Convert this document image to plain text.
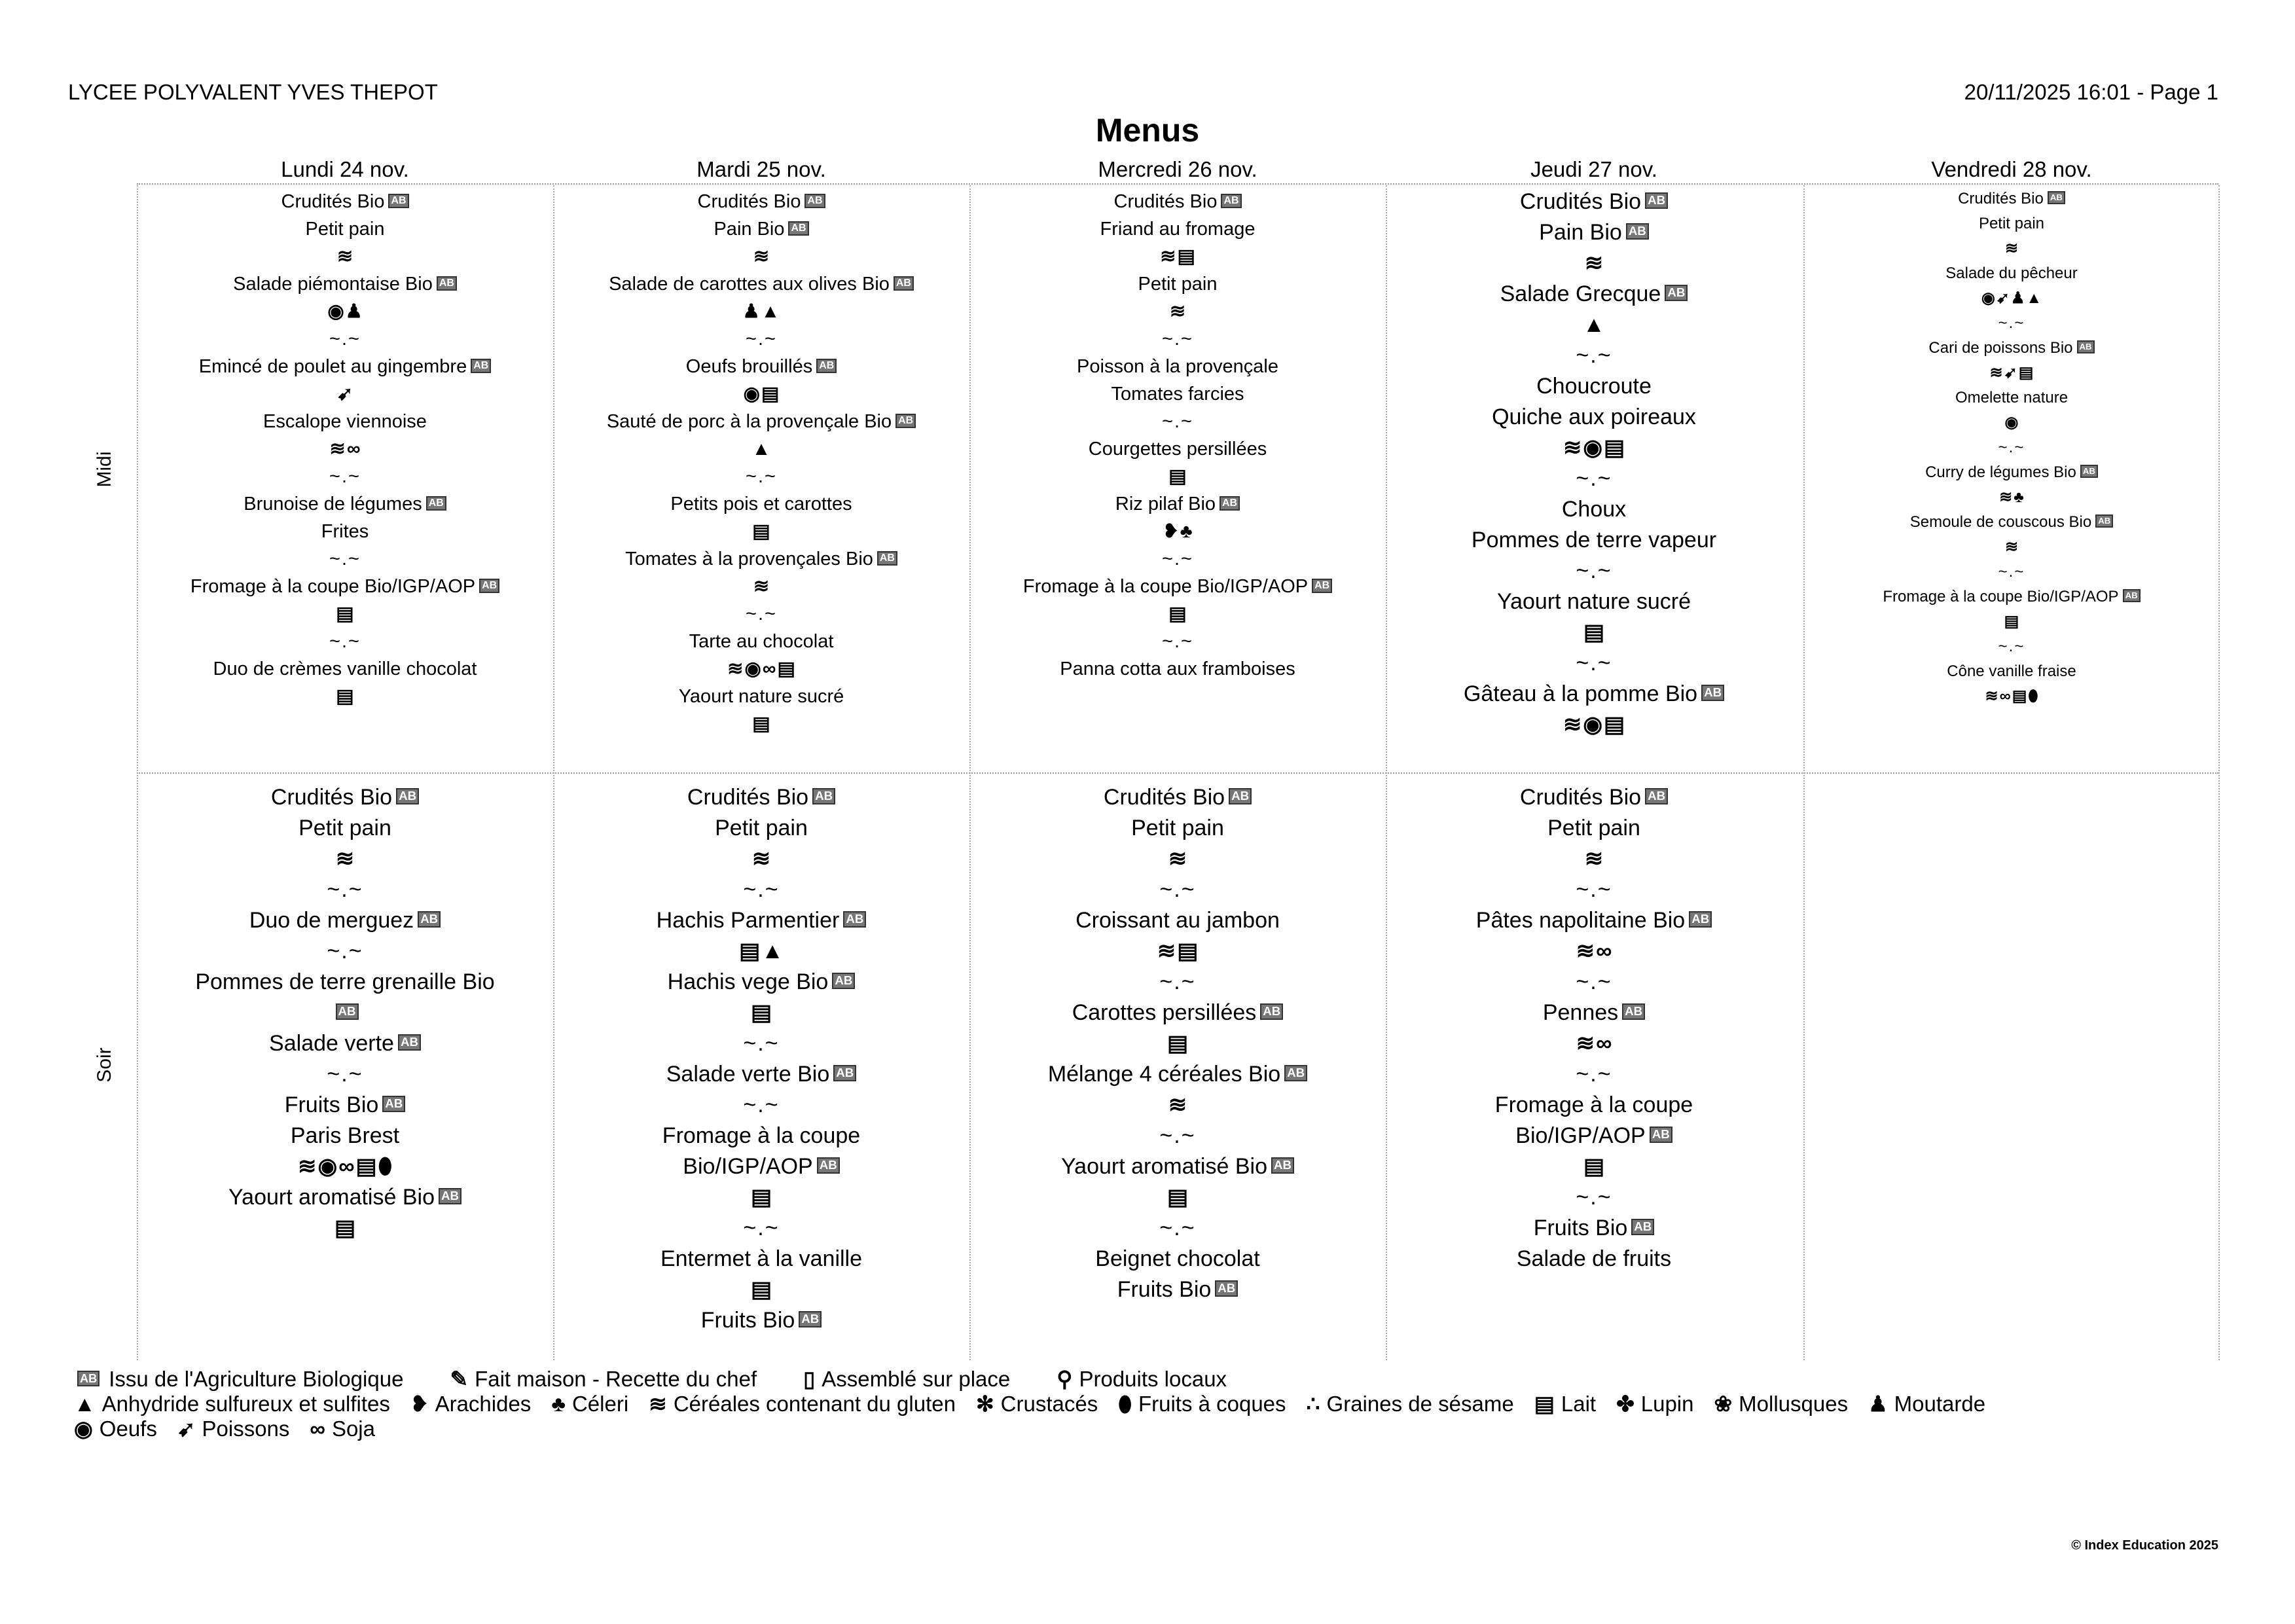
LYCEE POLYVALENT YVES THEPOT	20/11/2025 16:01 - Page 1
Menus
Midi
Soir
Lundi 24 nov.
Crudités Bio AB
Petit pain
≋
Salade piémontaise Bio AB
◉♟
~.~
Emincé de poulet au gingembre AB
➹
Escalope viennoise
≋∞
~.~
Brunoise de légumes AB
Frites
~.~
Fromage à la coupe Bio/IGP/AOP AB
▤
~.~
Duo de crèmes vanille chocolat
▤
Crudités Bio AB
Petit pain
≋
~.~
Duo de merguez AB
~.~
Pommes de terre grenaille Bio
AB
Salade verte AB
~.~
Fruits Bio AB
Paris Brest
≋◉∞▤⬮
Yaourt aromatisé Bio AB
▤
Mardi 25 nov.
Crudités Bio AB
Pain Bio AB
≋
Salade de carottes aux olives Bio AB
♟▲
~.~
Oeufs brouillés AB
◉▤
Sauté de porc à la provençale Bio AB
▲
~.~
Petits pois et carottes
▤
Tomates à la provençales Bio AB
≋
~.~
Tarte au chocolat
≋◉∞▤
Yaourt nature sucré
▤
Crudités Bio AB
Petit pain
≋
~.~
Hachis Parmentier AB
▤▲
Hachis vege Bio AB
▤
~.~
Salade verte Bio AB
~.~
Fromage à la coupe
Bio/IGP/AOP AB
▤
~.~
Entermet à la vanille
▤
Fruits Bio AB
Mercredi 26 nov.
Crudités Bio AB
Friand au fromage
≋▤
Petit pain
≋
~.~
Poisson à la provençale
Tomates farcies
~.~
Courgettes persillées
▤
Riz pilaf Bio AB
❥♣
~.~
Fromage à la coupe Bio/IGP/AOP AB
▤
~.~
Panna cotta aux framboises
Crudités Bio AB
Petit pain
≋
~.~
Croissant au jambon
≋▤
~.~
Carottes persillées AB
▤
Mélange 4 céréales Bio AB
≋
~.~
Yaourt aromatisé Bio AB
▤
~.~
Beignet chocolat
Fruits Bio AB
Jeudi 27 nov.
Crudités Bio AB
Pain Bio AB
≋
Salade Grecque AB
▲
~.~
Choucroute
Quiche aux poireaux
≋◉▤
~.~
Choux
Pommes de terre vapeur
~.~
Yaourt nature sucré
▤
~.~
Gâteau à la pomme Bio AB
≋◉▤
Crudités Bio AB
Petit pain
≋
~.~
Pâtes napolitaine Bio AB
≋∞
~.~
Pennes AB
≋∞
~.~
Fromage à la coupe
Bio/IGP/AOP AB
▤
~.~
Fruits Bio AB
Salade de fruits
Vendredi 28 nov.
Crudités Bio AB
Petit pain
≋
Salade du pêcheur
◉➹♟▲
~.~
Cari de poissons Bio AB
≋➹▤
Omelette nature
◉
~.~
Curry de légumes Bio AB
≋♣
Semoule de couscous Bio AB
≋
~.~
Fromage à la coupe Bio/IGP/AOP AB
▤
~.~
Cône vanille fraise
≋∞▤⬮
AB Issu de l'Agriculture Biologique ✎ Fait maison - Recette du chef ▯ Assemblé sur place ⚲ Produits locaux
▲ Anhydride sulfureux et sulfites ❥ Arachides ♣ Céleri ≋ Céréales contenant du gluten ✻ Crustacés ⬮ Fruits à coques ∴ Graines de sésame ▤ Lait ✤ Lupin ❀ Mollusques ♟ Moutarde
◉ Oeufs ➹ Poissons ∞ Soja
© Index Education 2025
